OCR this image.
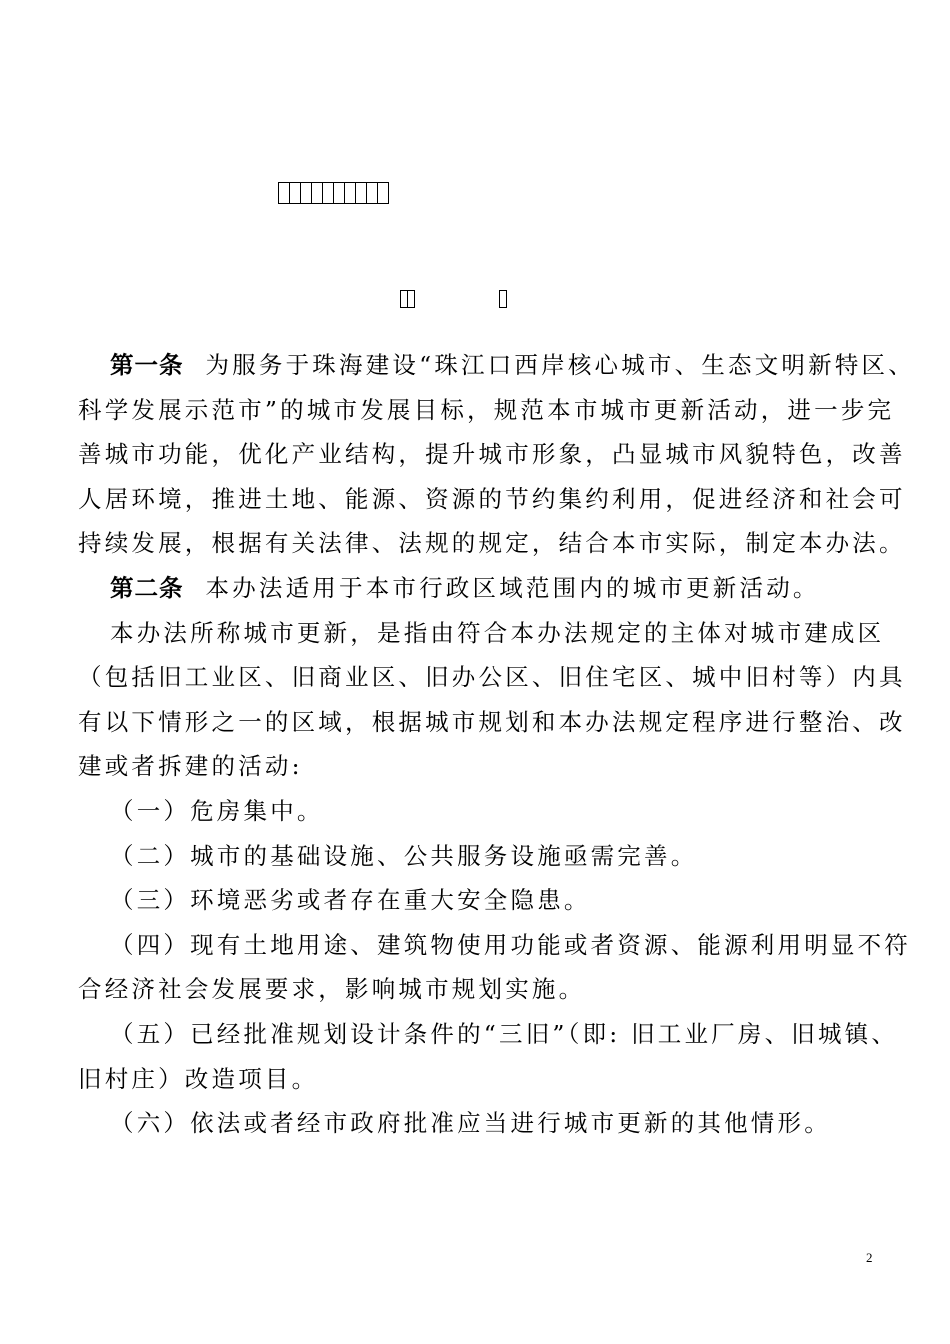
第一条 为服务于珠海建设“珠江口西岸核心城市、生态文明新特区、
科学发展示范市”的城市发展目标，规范本市城市更新活动，进一步完
善城市功能，优化产业结构，提升城市形象，凸显城市风貌特色，改善
人居环境，推进土地、能源、资源的节约集约利用，促进经济和社会可
持续发展，根据有关法律、法规的规定，结合本市实际，制定本办法。
第二条 本办法适用于本市行政区域范围内的城市更新活动。
本办法所称城市更新，是指由符合本办法规定的主体对城市建成区
（包括旧工业区、旧商业区、旧办公区、旧住宅区、城中旧村等）内具
有以下情形之一的区域，根据城市规划和本办法规定程序进行整治、改
建或者拆建的活动:
（一）危房集中。
（二）城市的基础设施、公共服务设施亟需完善。
（三）环境恶劣或者存在重大安全隐患。
（四）现有土地用途、建筑物使用功能或者资源、能源利用明显不符
合经济社会发展要求，影响城市规划实施。
（五）已经批准规划设计条件的“三旧”（即: 旧工业厂房、旧城镇、
旧村庄）改造项目。
（六）依法或者经市政府批准应当进行城市更新的其他情形。
2
